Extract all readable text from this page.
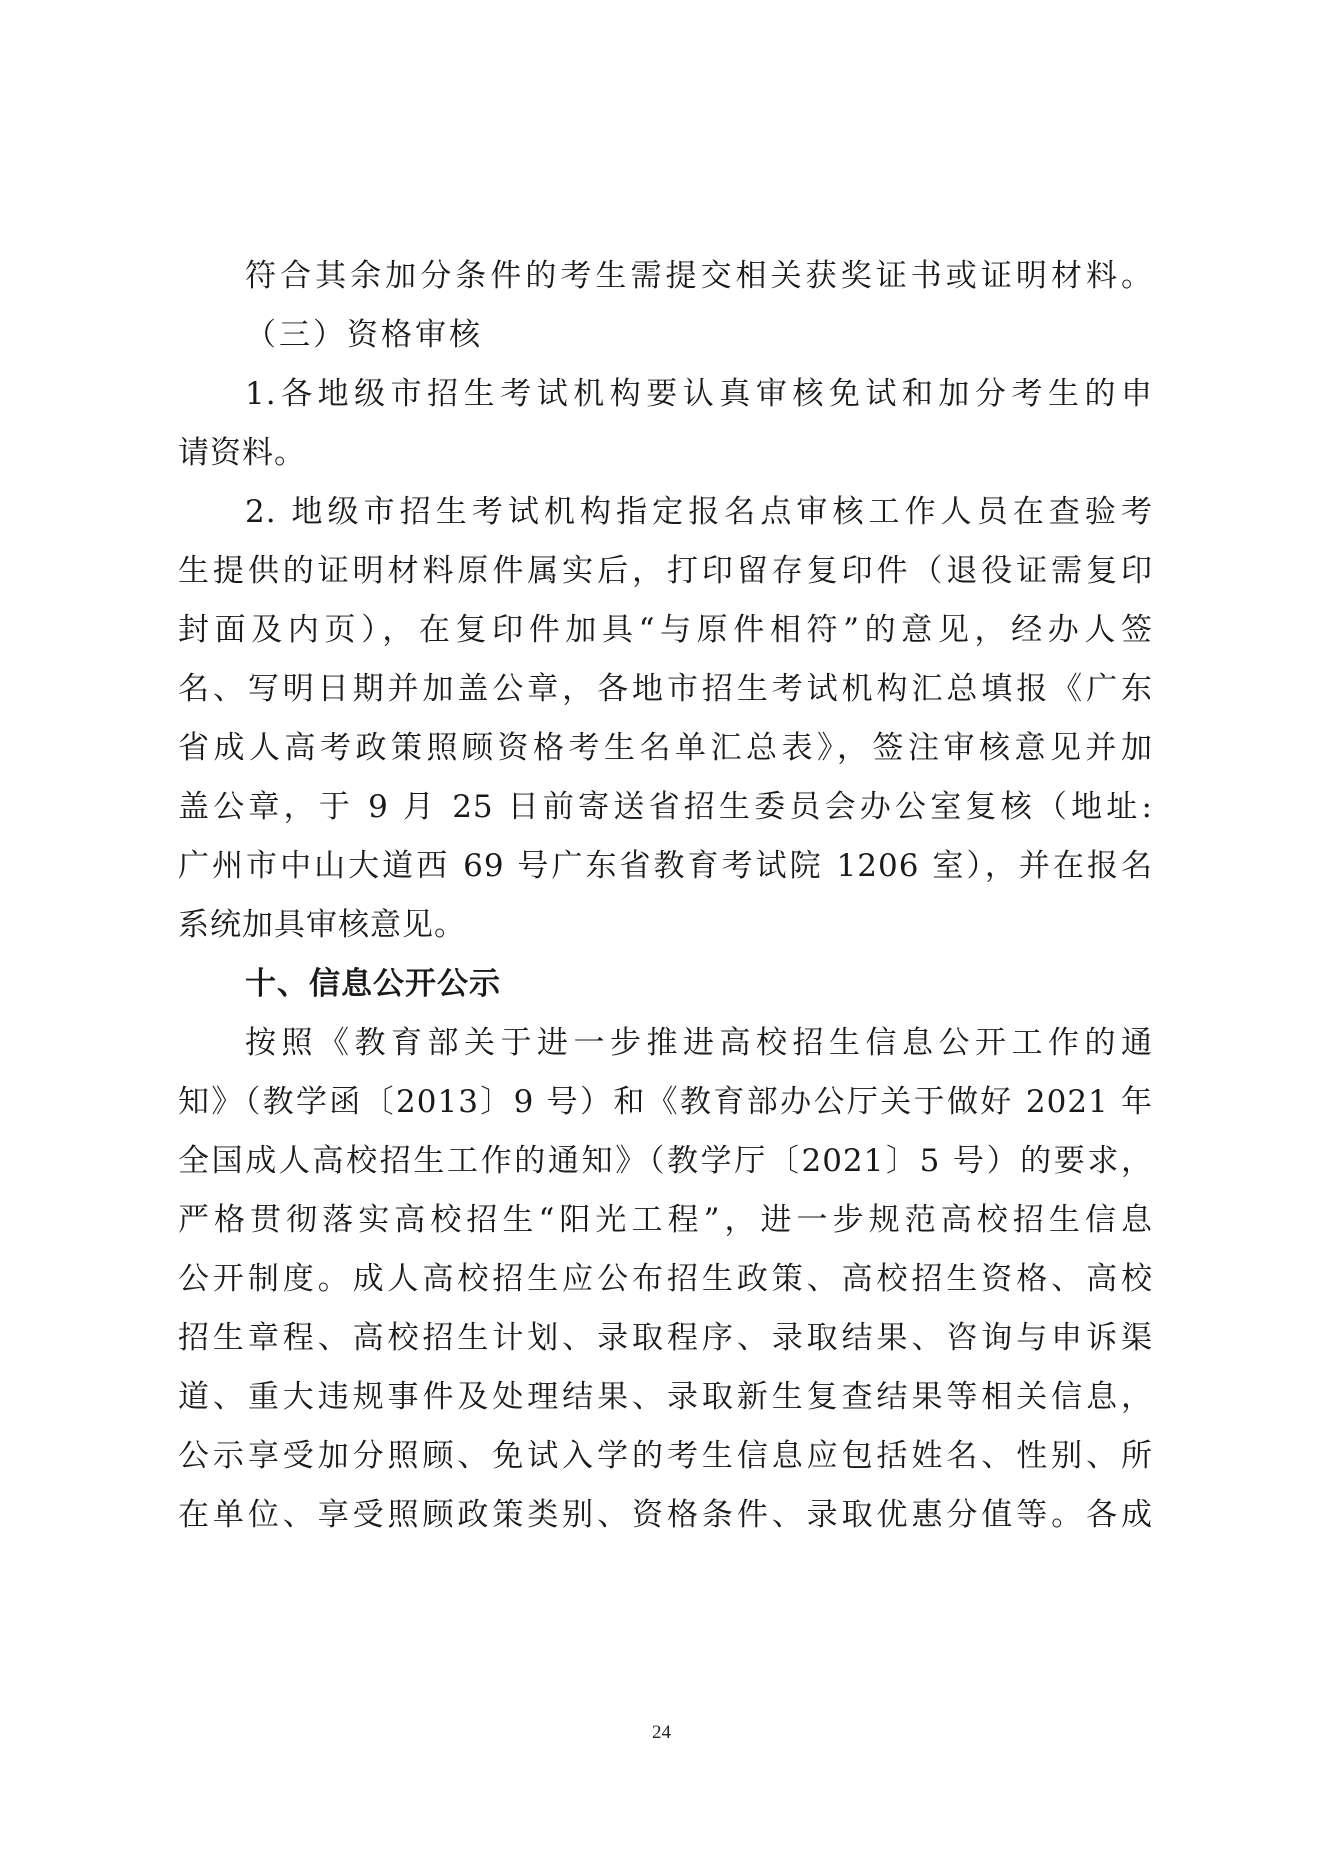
符合其余加分条件的考生需提交相关获奖证书或证明材料。
（三）资格审核
1.各地级市招生考试机构要认真审核免试和加分考生的申
请资料。
2. 地级市招生考试机构指定报名点审核工作人员在查验考
生提供的证明材料原件属实后，打印留存复印件（退役证需复印
封面及内页），在复印件加具“与原件相符”的意见，经办人签
名、写明日期并加盖公章，各地市招生考试机构汇总填报《广东
省成人高考政策照顾资格考生名单汇总表》，签注审核意见并加
盖公章，于 9 月 25 日前寄送省招生委员会办公室复核（地址:
广州市中山大道西 69 号广东省教育考试院 1206 室），并在报名
系统加具审核意见。
十、信息公开公示
按照《教育部关于进一步推进高校招生信息公开工作的通
知》（教学函〔2013〕9 号）和《教育部办公厅关于做好 2021 年
全国成人高校招生工作的通知》（教学厅〔2021〕5 号）的要求，
严格贯彻落实高校招生“阳光工程”，进一步规范高校招生信息
公开制度。成人高校招生应公布招生政策、高校招生资格、高校
招生章程、高校招生计划、录取程序、录取结果、咨询与申诉渠
道、重大违规事件及处理结果、录取新生复查结果等相关信息，
公示享受加分照顾、免试入学的考生信息应包括姓名、性别、所
在单位、享受照顾政策类别、资格条件、录取优惠分值等。各成
24
